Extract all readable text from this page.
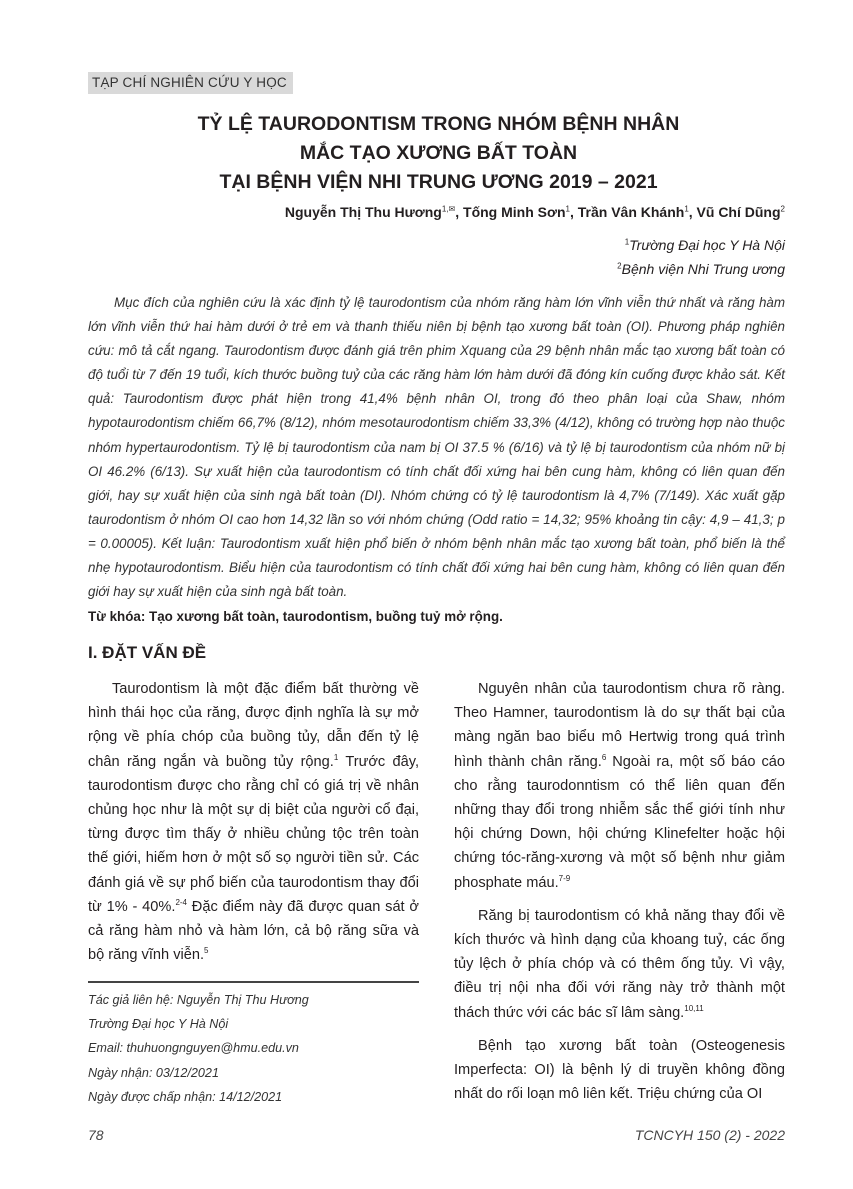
TẠP CHÍ NGHIÊN CỨU Y HỌC
TỶ LỆ TAURODONTISM TRONG NHÓM BỆNH NHÂN
MẮC TẠO XƯƠNG BẤT TOÀN
TẠI BỆNH VIỆN NHI TRUNG ƯƠNG 2019 – 2021
Nguyễn Thị Thu Hương$^{1,✉}$, Tống Minh Sơn$^1$, Trần Vân Khánh$^1$, Vũ Chí Dũng$^2$
$^1$Trường Đại học Y Hà Nội
$^2$Bệnh viện Nhi Trung ương
Mục đích của nghiên cứu là xác định tỷ lệ taurodontism của nhóm răng hàm lớn vĩnh viễn thứ nhất và răng hàm lớn vĩnh viễn thứ hai hàm dưới ở trẻ em và thanh thiếu niên bị bệnh tạo xương bất toàn (OI). Phương pháp nghiên cứu: mô tả cắt ngang. Taurodontism được đánh giá trên phim Xquang của 29 bệnh nhân mắc tạo xương bất toàn có độ tuổi từ 7 đến 19 tuổi, kích thước buồng tuỷ của các răng hàm lớn hàm dưới đã đóng kín cuống được khảo sát. Kết quả: Taurodontism được phát hiện trong 41,4% bệnh nhân OI, trong đó theo phân loại của Shaw, nhóm hypotaurodontism chiếm 66,7% (8/12), nhóm mesotaurodontism chiếm 33,3% (4/12), không có trường hợp nào thuộc nhóm hypertaurodontism. Tỷ lệ bị taurodontism của nam bị OI 37.5 % (6/16) và tỷ lệ bị taurodontism của nhóm nữ bị OI 46.2% (6/13). Sự xuất hiện của taurodontism có tính chất đối xứng hai bên cung hàm, không có liên quan đến giới, hay sự xuất hiện của sinh ngà bất toàn (DI). Nhóm chứng có tỷ lệ taurodontism là 4,7% (7/149). Xác xuất gặp taurodontism ở nhóm OI cao hơn 14,32 lần so với nhóm chứng (Odd ratio = 14,32; 95% khoảng tin cậy: 4,9 – 41,3; p = 0.00005). Kết luận: Taurodontism xuất hiện phổ biến ở nhóm bệnh nhân mắc tạo xương bất toàn, phổ biến là thể nhẹ hypotaurodontism. Biểu hiện của taurodontism có tính chất đối xứng hai bên cung hàm, không có liên quan đến giới hay sự xuất hiện của sinh ngà bất toàn.
Từ khóa: Tạo xương bất toàn, taurodontism, buồng tuỷ mở rộng.
I. ĐẶT VẤN ĐỀ

Taurodontism là một đặc điểm bất thường về hình thái học của răng, được định nghĩa là sự mở rộng về phía chóp của buồng tủy, dẫn đến tỷ lệ chân răng ngắn và buồng tủy rộng.$^1$ Trước đây, taurodontism được cho rằng chỉ có giá trị về nhân chủng học như là một sự dị biệt của người cổ đại, từng được tìm thấy ở nhiều chủng tộc trên toàn thế giới, hiếm hơn ở một số sọ người tiền sử. Các đánh giá về sự phổ biến của taurodontism thay đổi từ 1% - 40%.$^{2-4}$ Đặc điểm này đã được quan sát ở cả răng hàm nhỏ và hàm lớn, cả bộ răng sữa và bộ răng vĩnh viễn.$^5$

Tác giả liên hệ: Nguyễn Thị Thu Hương
Trường Đại học Y Hà Nội
Email: thuhuongnguyen@hmu.edu.vn
Ngày nhận: 03/12/2021
Ngày được chấp nhận: 14/12/2021

Nguyên nhân của taurodontism chưa rõ ràng. Theo Hamner, taurodontism là do sự thất bại của màng ngăn bao biểu mô Hertwig trong quá trình hình thành chân răng.$^6$ Ngoài ra, một số báo cáo cho rằng taurodonntism có thể liên quan đến những thay đổi trong nhiễm sắc thể giới tính như hội chứng Down, hội chứng Klinefelter hoặc hội chứng tóc-răng-xương và một số bệnh như giảm phosphate máu.$^{7-9}$

Răng bị taurodontism có khả năng thay đổi về kích thước và hình dạng của khoang tuỷ, các ống tủy lệch ở phía chóp và có thêm ống tủy. Vì vậy, điều trị nội nha đối với răng này trở thành một thách thức với các bác sĩ lâm sàng.$^{10,11}$

Bệnh tạo xương bất toàn (Osteogenesis Imperfecta: OI) là bệnh lý di truyền không đồng nhất do rối loạn mô liên kết. Triệu chứng của OI

78	TCNCYH 150 (2) - 2022
